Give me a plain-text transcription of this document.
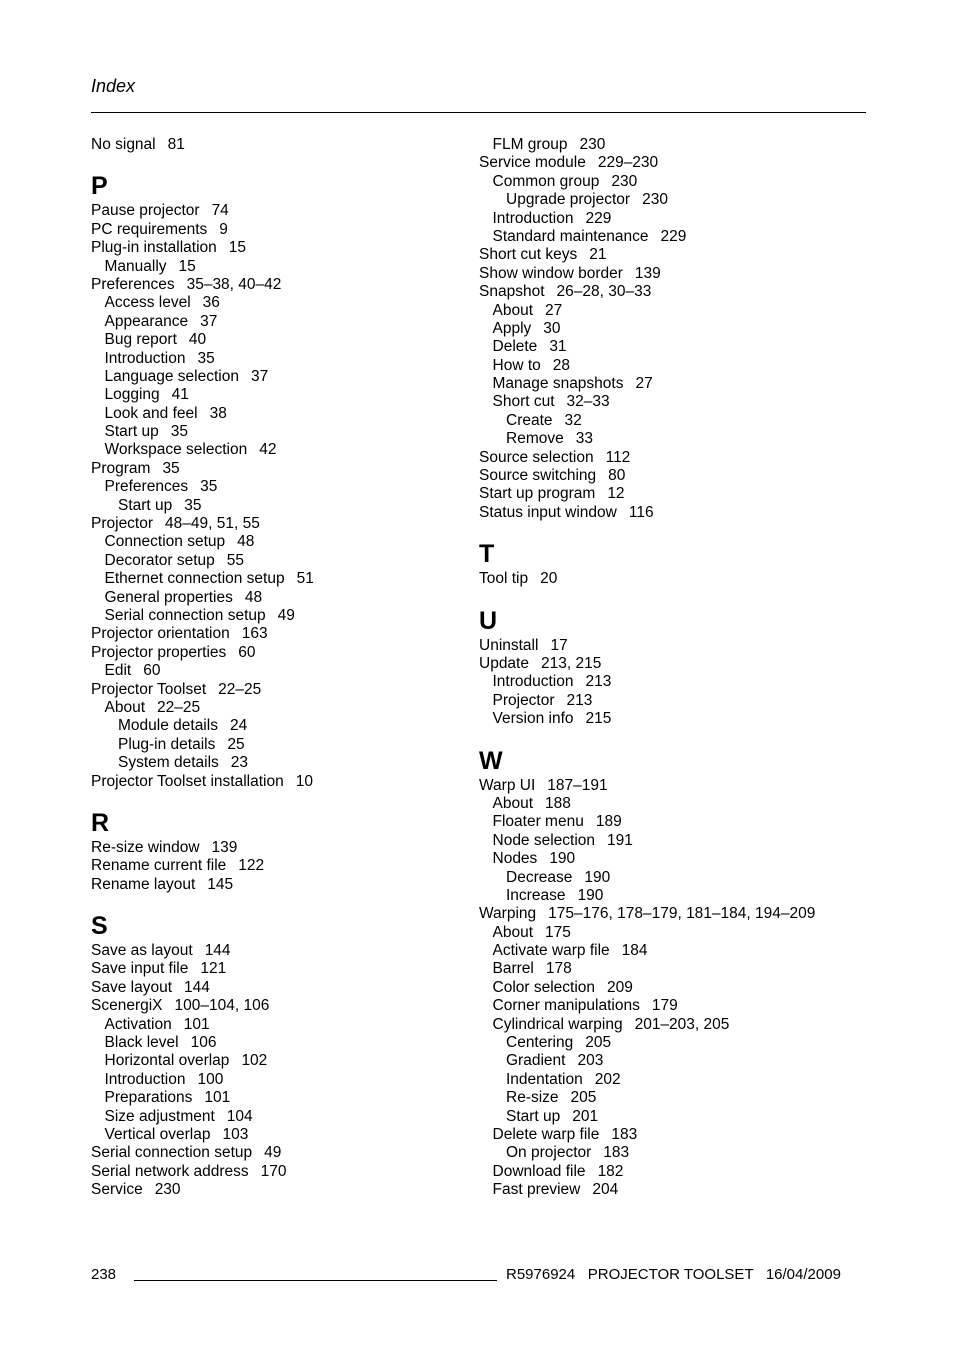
Index
No signal 81
P
Pause projector 74
PC requirements 9
Plug-in installation 15
Manually 15
Preferences 35–38, 40–42
Access level 36
Appearance 37
Bug report 40
Introduction 35
Language selection 37
Logging 41
Look and feel 38
Start up 35
Workspace selection 42
Program 35
Preferences 35
Start up 35
Projector 48–49, 51, 55
Connection setup 48
Decorator setup 55
Ethernet connection setup 51
General properties 48
Serial connection setup 49
Projector orientation 163
Projector properties 60
Edit 60
Projector Toolset 22–25
About 22–25
Module details 24
Plug-in details 25
System details 23
Projector Toolset installation 10
R
Re-size window 139
Rename current file 122
Rename layout 145
S
Save as layout 144
Save input file 121
Save layout 144
ScenergiX 100–104, 106
Activation 101
Black level 106
Horizontal overlap 102
Introduction 100
Preparations 101
Size adjustment 104
Vertical overlap 103
Serial connection setup 49
Serial network address 170
Service 230
FLM group 230
Service module 229–230
Common group 230
Upgrade projector 230
Introduction 229
Standard maintenance 229
Short cut keys 21
Show window border 139
Snapshot 26–28, 30–33
About 27
Apply 30
Delete 31
How to 28
Manage snapshots 27
Short cut 32–33
Create 32
Remove 33
Source selection 112
Source switching 80
Start up program 12
Status input window 116
T
Tool tip 20
U
Uninstall 17
Update 213, 215
Introduction 213
Projector 213
Version info 215
W
Warp UI 187–191
About 188
Floater menu 189
Node selection 191
Nodes 190
Decrease 190
Increase 190
Warping 175–176, 178–179, 181–184, 194–209
About 175
Activate warp file 184
Barrel 178
Color selection 209
Corner manipulations 179
Cylindrical warping 201–203, 205
Centering 205
Gradient 203
Indentation 202
Re-size 205
Start up 201
Delete warp file 183
On projector 183
Download file 182
Fast preview 204
238	R5976924   PROJECTOR TOOLSET   16/04/2009
